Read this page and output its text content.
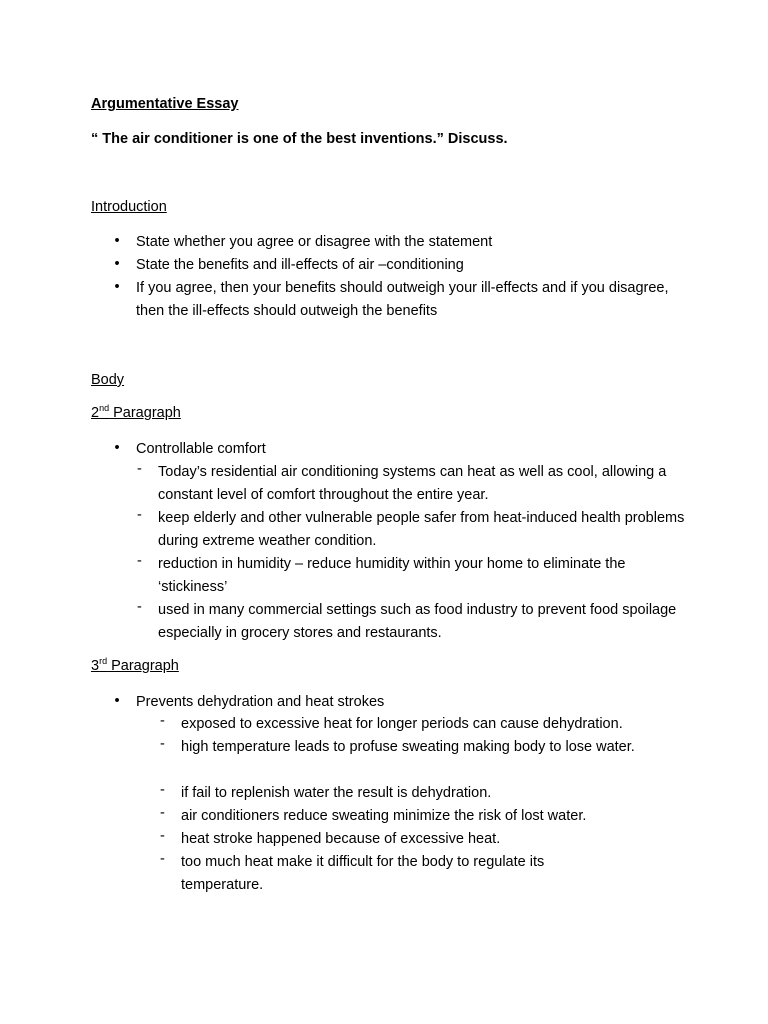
Argumentative Essay
“ The air conditioner is one of the best inventions.” Discuss.
Introduction
• State whether you agree or disagree with the statement
• State the benefits and ill-effects of air –conditioning
• If you agree, then your benefits should outweigh your ill-effects and if you disagree, then the ill-effects should outweigh the benefits
Body
2nd Paragraph
• Controllable comfort
-	Today’s residential air conditioning systems can heat as well as cool, allowing a constant level of comfort throughout the entire year.
-	keep elderly and other vulnerable people safer from heat-induced health problems during extreme weather condition.
-	reduction in humidity – reduce humidity within your home to eliminate the ‘stickiness’
-	used in many commercial settings such as food industry to prevent food spoilage especially in grocery stores and restaurants.
3rd Paragraph
• Prevents dehydration and heat strokes
-	exposed to excessive heat for longer periods can cause dehydration.
-	high temperature leads to profuse sweating making body to lose water.
-	if fail to replenish water the result is dehydration.
-	air conditioners reduce sweating minimize the risk of lost water.
-	heat stroke happened because of excessive heat.
-	too much heat make it difficult for the body to regulate its temperature.
